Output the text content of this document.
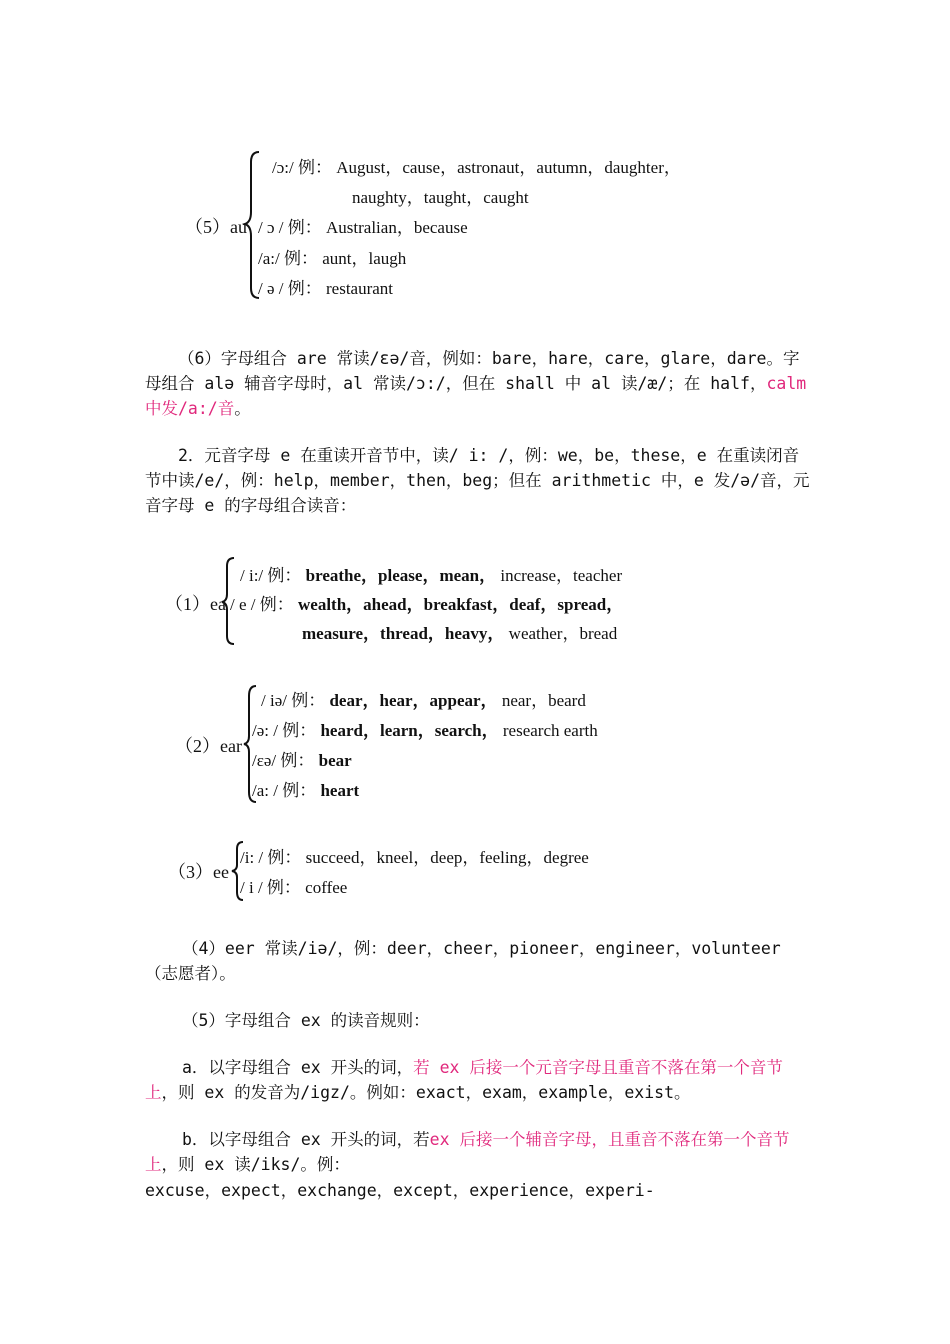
（5）au
/ɔ:/ 例： August，cause，astronaut，autumn，daughter，
naughty，taught，caught
/ ɔ / 例： Australian，because
/a:/ 例： aunt，laugh
/ ə / 例： restaurant
（6）字母组合 are 常读/εə/音，例如：bare，hare，care，glare，dare。字母组合 alə 辅音字母时，al 常读/ɔ:/，但在 shall 中 al 读/æ/；在 half，calm 中发/a:/音。
2．元音字母 e 在重读开音节中，读/ i: /，例：we，be，these，e 在重读闭音节中读/e/，例：help，member，then，beg；但在 arithmetic 中，e 发/ə/音，元音字母 e 的字母组合读音：
（1）ea
/ i:/ 例： breathe，please，mean， increase，teacher
/ e / 例： wealth，ahead，breakfast，deaf，spread，
measure，thread，heavy， weather，bread
（2）ear
/ iə/ 例： dear，hear，appear， near，beard
/ə: / 例： heard，learn，search， research earth
/εə/ 例： bear
/a: / 例： heart
（3）ee
/i: / 例： succeed，kneel，deep，feeling，degree
/ i / 例： coffee
（4）eer 常读/iə/，例：deer，cheer，pioneer，engineer，volunteer（志愿者）。
（5）字母组合 ex 的读音规则：
a．以字母组合 ex 开头的词，若 ex 后接一个元音字母且重音不落在第一个音节上，则 ex 的发音为/igz/。例如：exact，exam，example，exist。
b．以字母组合 ex 开头的词，若ex 后接一个辅音字母，且重音不落在第一个音节上，则 ex 读/iks/。例：
excuse，expect，exchange，except，experience，experi-
